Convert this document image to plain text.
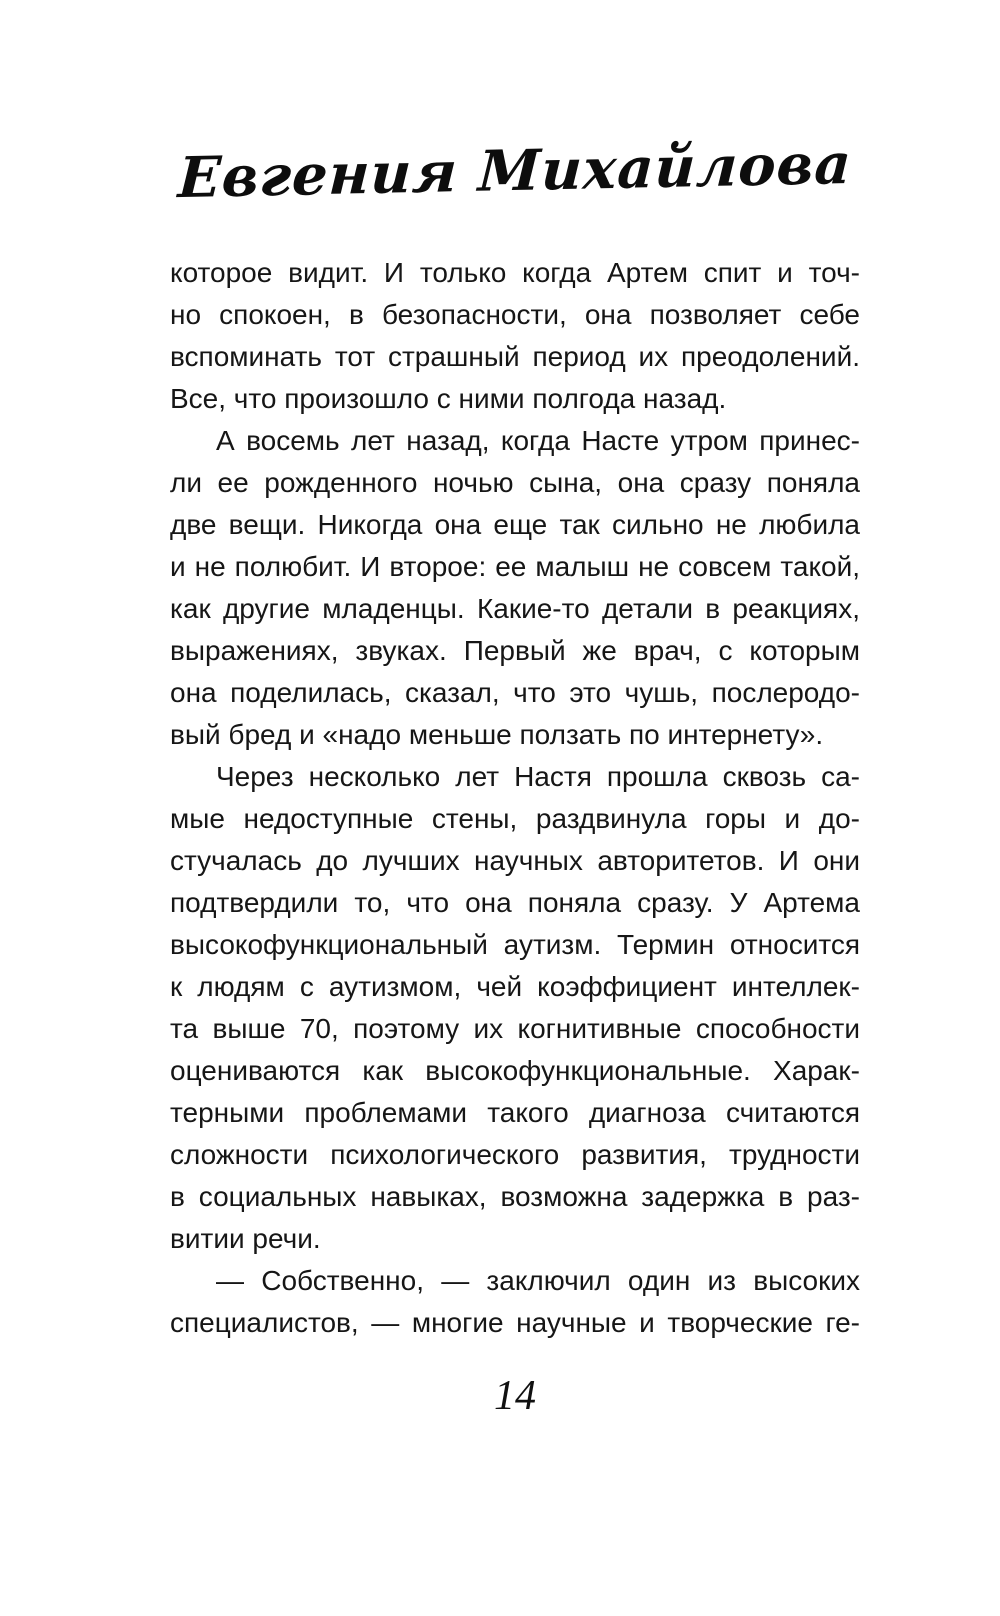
Евгения Михайлова
которое видит. И только когда Артем спит и точ-
но спокоен, в безопасности, она позволяет себе
вспоминать тот страшный период их преодолений.
Все, что произошло с ними полгода назад.
А восемь лет назад, когда Насте утром принес-
ли ее рожденного ночью сына, она сразу поняла
две вещи. Никогда она еще так сильно не любила
и не полюбит. И второе: ее малыш не совсем такой,
как другие младенцы. Какие-то детали в реакциях,
выражениях, звуках. Первый же врач, с которым
она поделилась, сказал, что это чушь, послеродо-
вый бред и «надо меньше ползать по интернету».
Через несколько лет Настя прошла сквозь са-
мые недоступные стены, раздвинула горы и до-
стучалась до лучших научных авторитетов. И они
подтвердили то, что она поняла сразу. У Артема
высокофункциональный аутизм. Термин относится
к людям с аутизмом, чей коэффициент интеллек-
та выше 70, поэтому их когнитивные способности
оцениваются как высокофункциональные. Харак-
терными проблемами такого диагноза считаются
сложности психологического развития, трудности
в социальных навыках, возможна задержка в раз-
витии речи.
— Собственно, — заключил один из высоких
специалистов, — многие научные и творческие ге-
14
